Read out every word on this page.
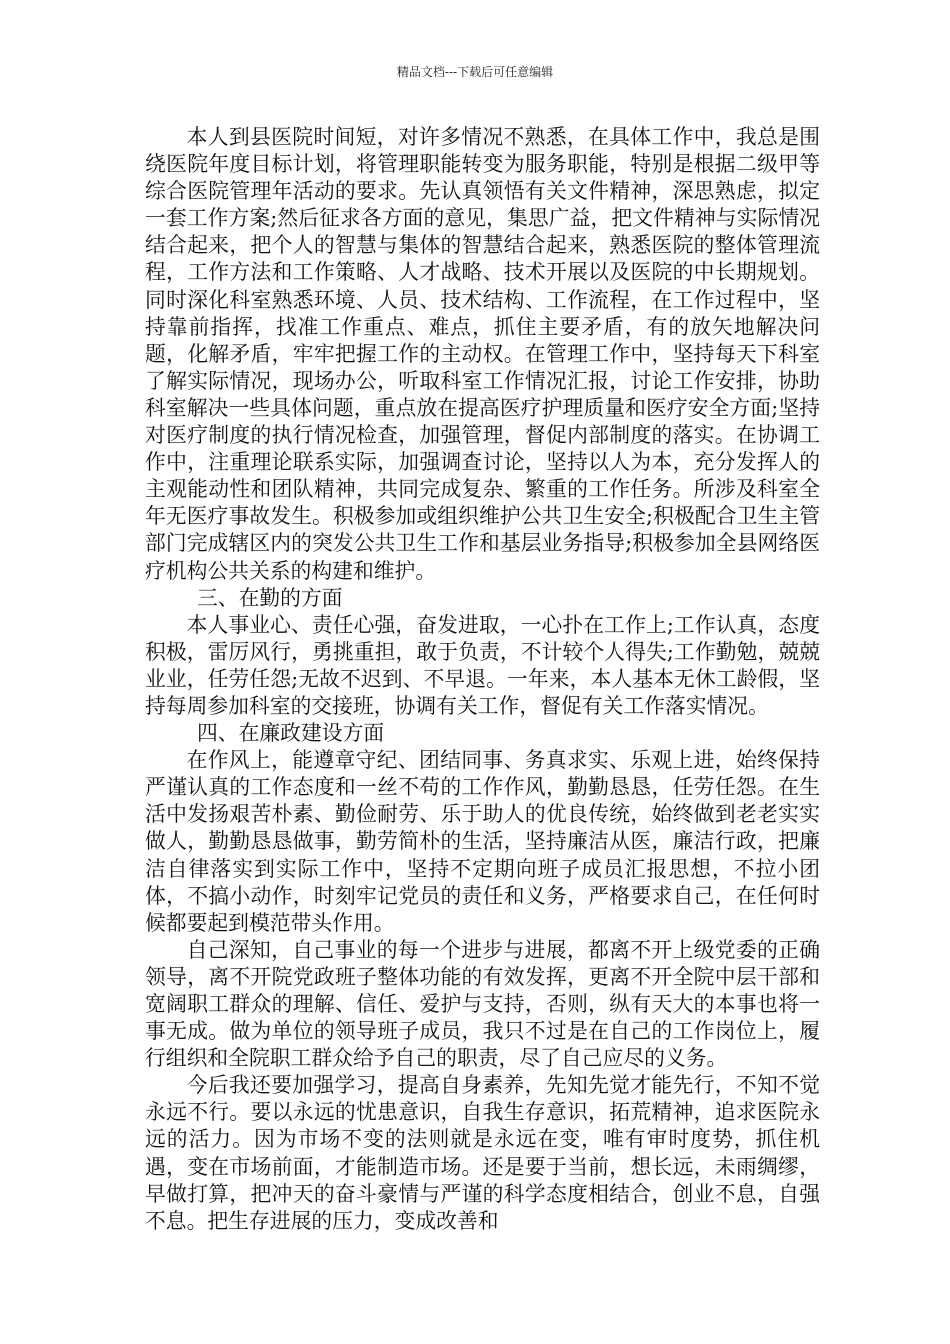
精品文档---下载后可任意编辑

本人到县医院时间短，对许多情况不熟悉，在具体工作中，我总是围绕医院年度目标计划，将管理职能转变为服务职能，特别是根据二级甲等综合医院管理年活动的要求。先认真领悟有关文件精神，深思熟虑，拟定一套工作方案;然后征求各方面的意见，集思广益，把文件精神与实际情况结合起来，把个人的智慧与集体的智慧结合起来，熟悉医院的整体管理流程，工作方法和工作策略、人才战略、技术开展以及医院的中长期规划。同时深化科室熟悉环境、人员、技术结构、工作流程，在工作过程中，坚持靠前指挥，找准工作重点、难点，抓住主要矛盾，有的放矢地解决问题，化解矛盾，牢牢把握工作的主动权。在管理工作中，坚持每天下科室了解实际情况，现场办公，听取科室工作情况汇报，讨论工作安排，协助科室解决一些具体问题，重点放在提高医疗护理质量和医疗安全方面;坚持对医疗制度的执行情况检查，加强管理，督促内部制度的落实。在协调工作中，注重理论联系实际，加强调查讨论，坚持以人为本，充分发挥人的主观能动性和团队精神，共同完成复杂、繁重的工作任务。所涉及科室全年无医疗事故发生。积极参加或组织维护公共卫生安全;积极配合卫生主管部门完成辖区内的突发公共卫生工作和基层业务指导;积极参加全县网络医疗机构公共关系的构建和维护。

三、在勤的方面

本人事业心、责任心强，奋发进取，一心扑在工作上;工作认真，态度积极，雷厉风行，勇挑重担，敢于负责，不计较个人得失;工作勤勉，兢兢业业，任劳任怨;无故不迟到、不早退。一年来，本人基本无休工龄假，坚持每周参加科室的交接班，协调有关工作，督促有关工作落实情况。

四、在廉政建设方面

在作风上，能遵章守纪、团结同事、务真求实、乐观上进，始终保持严谨认真的工作态度和一丝不苟的工作作风，勤勤恳恳，任劳任怨。在生活中发扬艰苦朴素、勤俭耐劳、乐于助人的优良传统，始终做到老老实实做人，勤勤恳恳做事，勤劳简朴的生活，坚持廉洁从医，廉洁行政，把廉洁自律落实到实际工作中，坚持不定期向班子成员汇报思想，不拉小团体，不搞小动作，时刻牢记党员的责任和义务，严格要求自己，在任何时候都要起到模范带头作用。

自己深知，自己事业的每一个进步与进展，都离不开上级党委的正确领导，离不开院党政班子整体功能的有效发挥，更离不开全院中层干部和宽阔职工群众的理解、信任、爱护与支持，否则，纵有天大的本事也将一事无成。做为单位的领导班子成员，我只不过是在自己的工作岗位上，履行组织和全院职工群众给予自己的职责，尽了自己应尽的义务。

今后我还要加强学习，提高自身素养，先知先觉才能先行，不知不觉永远不行。要以永远的忧患意识，自我生存意识，拓荒精神，追求医院永远的活力。因为市场不变的法则就是永远在变，唯有审时度势，抓住机遇，变在市场前面，才能制造市场。还是要于当前，想长远，未雨绸缪，早做打算，把冲天的奋斗豪情与严谨的科学态度相结合，创业不息，自强不息。把生存进展的压力，变成改善和
